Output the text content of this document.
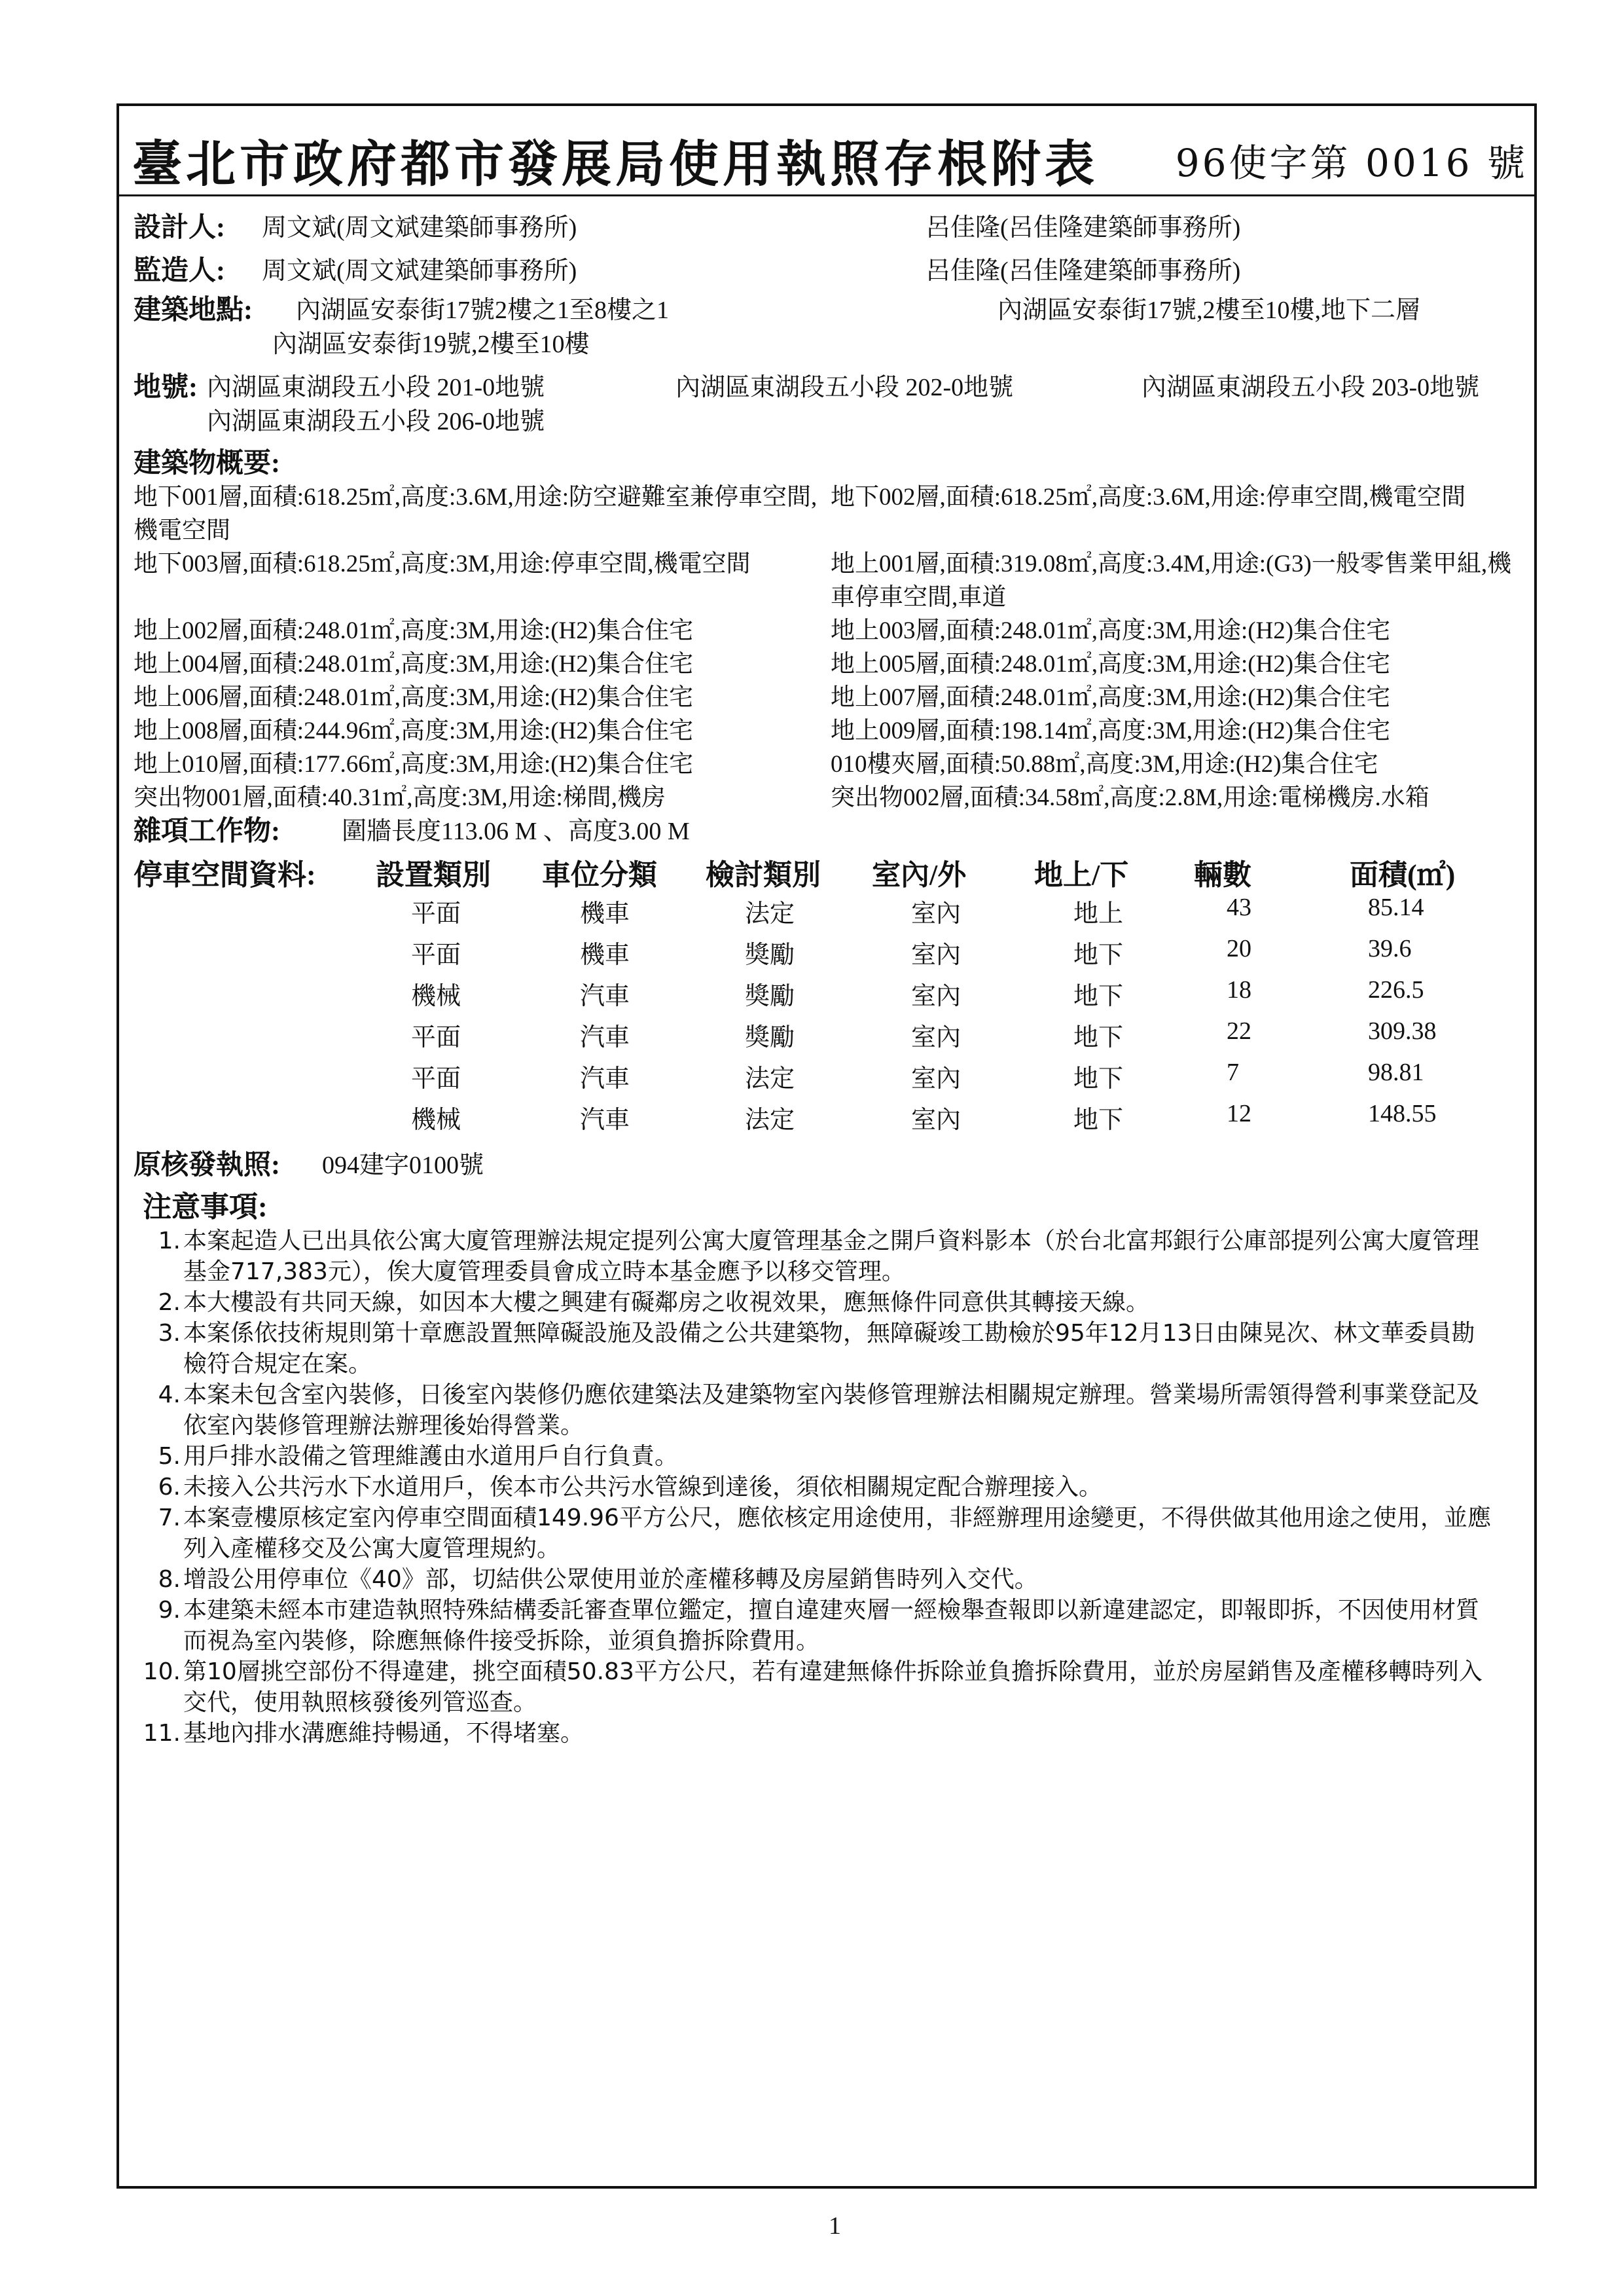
臺北市政府都市發展局使用執照存根附表 96使字第 0016 號
設計人: 周文斌(周文斌建築師事務所)	呂佳隆(呂佳隆建築師事務所)
監造人: 周文斌(周文斌建築師事務所)	呂佳隆(呂佳隆建築師事務所)
建築地點: 內湖區安泰街17號2樓之1至8樓之1	內湖區安泰街17號,2樓至10樓,地下二層
內湖區安泰街19號,2樓至10樓
地號: 內湖區東湖段五小段 201-0地號	內湖區東湖段五小段 202-0地號	內湖區東湖段五小段 203-0地號
內湖區東湖段五小段 206-0地號
建築物概要:
地下001層,面積:618.25㎡,高度:3.6M,用途:防空避難室兼停車空間,機電空間
地下002層,面積:618.25㎡,高度:3.6M,用途:停車空間,機電空間
地下003層,面積:618.25㎡,高度:3M,用途:停車空間,機電空間	地上001層,面積:319.08㎡,高度:3.4M,用途:(G3)一般零售業甲組,機車停車空間,車道
地上002層,面積:248.01㎡,高度:3M,用途:(H2)集合住宅	地上003層,面積:248.01㎡,高度:3M,用途:(H2)集合住宅
地上004層,面積:248.01㎡,高度:3M,用途:(H2)集合住宅	地上005層,面積:248.01㎡,高度:3M,用途:(H2)集合住宅
地上006層,面積:248.01㎡,高度:3M,用途:(H2)集合住宅	地上007層,面積:248.01㎡,高度:3M,用途:(H2)集合住宅
地上008層,面積:244.96㎡,高度:3M,用途:(H2)集合住宅	地上009層,面積:198.14㎡,高度:3M,用途:(H2)集合住宅
地上010層,面積:177.66㎡,高度:3M,用途:(H2)集合住宅	010樓夾層,面積:50.88㎡,高度:3M,用途:(H2)集合住宅
突出物001層,面積:40.31㎡,高度:3M,用途:梯間,機房	突出物002層,面積:34.58㎡,高度:2.8M,用途:電梯機房.水箱
雜項工作物: 圍牆長度113.06 M 、高度3.00 M
停車空間資料:	設置類別 車位分類 檢討類別 室內/外 地上/下 輛數	面積(㎡)
平面	機車	法定	室內	地上	43	85.14
平面	機車	獎勵	室內	地下	20	39.6
機械	汽車	獎勵	室內	地下	18	226.5
平面	汽車	獎勵	室內	地下	22	309.38
平面	汽車	法定	室內	地下	7	98.81
機械	汽車	法定	室內	地下	12	148.55
原核發執照: 094建字0100號
注意事項:
1. 本案起造人已出具依公寓大廈管理辦法規定提列公寓大廈管理基金之開戶資料影本（於台北富邦銀行公庫部提列公寓大廈管理基金717,383元），俟大廈管理委員會成立時本基金應予以移交管理。
2. 本大樓設有共同天線，如因本大樓之興建有礙鄰房之收視效果，應無條件同意供其轉接天線。
3. 本案係依技術規則第十章應設置無障礙設施及設備之公共建築物，無障礙竣工勘檢於95年12月13日由陳晃次、林文華委員勘檢符合規定在案。
4. 本案未包含室內裝修，日後室內裝修仍應依建築法及建築物室內裝修管理辦法相關規定辦理。營業場所需領得營利事業登記及依室內裝修管理辦法辦理後始得營業。
5. 用戶排水設備之管理維護由水道用戶自行負責。
6. 未接入公共污水下水道用戶，俟本市公共污水管線到達後，須依相關規定配合辦理接入。
7. 本案壹樓原核定室內停車空間面積149.96平方公尺，應依核定用途使用，非經辦理用途變更，不得供做其他用途之使用，並應列入產權移交及公寓大廈管理規約。
8. 增設公用停車位《40》部，切結供公眾使用並於產權移轉及房屋銷售時列入交代。
9. 本建築未經本市建造執照特殊結構委託審查單位鑑定，擅自違建夾層一經檢舉查報即以新違建認定，即報即拆，不因使用材質而視為室內裝修，除應無條件接受拆除，並須負擔拆除費用。
10. 第10層挑空部份不得違建，挑空面積50.83平方公尺，若有違建無條件拆除並負擔拆除費用，並於房屋銷售及產權移轉時列入交代，使用執照核發後列管巡查。
11. 基地內排水溝應維持暢通，不得堵塞。
1
